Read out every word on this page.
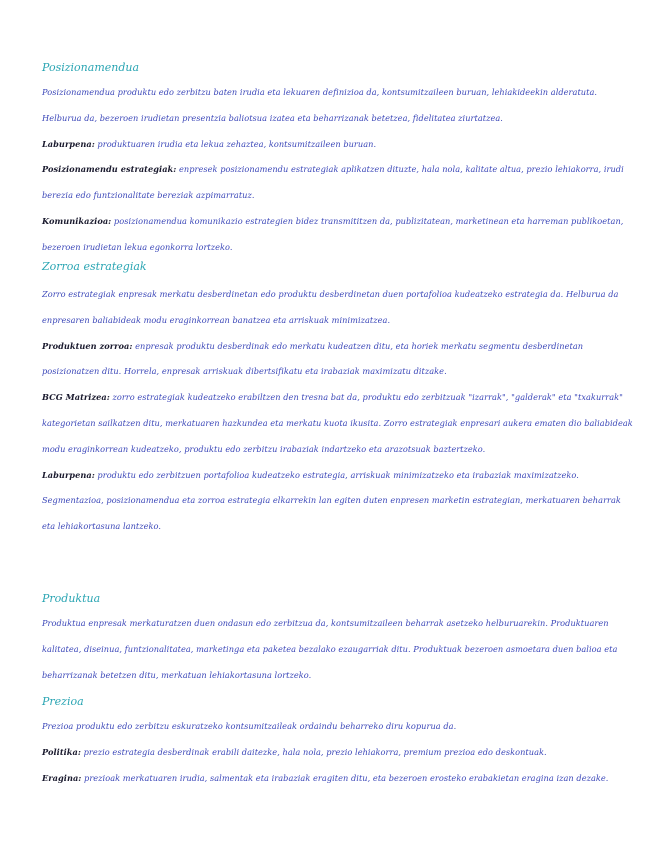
Posizionamendua
Posizionamendua produktu edo zerbitzu baten irudia eta lekuaren definizioa da, kontsumitzaileen buruan, lehiakideekin alderatuta. Helburua da, bezeroen irudietan presentzia baliotsua izatea eta beharrizanak betetzea, fidelitatea ziurtatzea.
Laburpena: produktuaren irudia eta lekua zehaztea, kontsumitzaileen buruan.
Posizionamendu estrategiak: enpresek posizionamendu estrategiak aplikatzen dituzte, hala nola, kalitate altua, prezio lehiakorra, irudi berezia edo funtzionalitate bereziak azpimarratuz.
Komunikazioa: posizionamendua komunikazio estrategien bidez transmititzen da, publizitatean, marketinean eta harreman publikoetan, bezeroen irudietan lekua egonkorra lortzeko.
Zorroa estrategiak
Zorro estrategiak enpresak merkatu desberdinetan edo produktu desberdinetan duen portafolioa kudeatzeko estrategia da. Helburua da enpresaren baliabideak modu eraginkorrean banatzea eta arriskuak minimizatzea.
Produktuen zorroa: enpresak produktu desberdinak edo merkatu kudeatzen ditu, eta horiek merkatu segmentu desberdinetan posizionatzen ditu. Horrela, enpresak arriskuak dibertsifikatu eta irabaziak maximizatu ditzake.
BCG Matrizea: zorro estrategiak kudeatzeko erabiltzen den tresna bat da, produktu edo zerbitzuak "izarrak", "galderak" eta "txakurrak" kategorietan sailkatzen ditu, merkatuaren hazkundea eta merkatu kuota ikusita. Zorro estrategiak enpresari aukera ematen dio baliabideak modu eraginkorrean kudeatzeko, produktu edo zerbitzu irabaziak indartzeko eta arazotsuak baztertzeko.
Laburpena: produktu edo zerbitzuen portafolioa kudeatzeko estrategia, arriskuak minimizatzeko eta irabaziak maximizatzeko.
Segmentazioa, posizionamendua eta zorroa estrategia elkarrekin lan egiten duten enpresen marketin estrategian, merkatuaren beharrak eta lehiakortasuna lantzeko.
Produktua
Produktua enpresak merkaturatzen duen ondasun edo zerbitzua da, kontsumitzaileen beharrak asetzeko helburuarekin. Produktuaren kalitatea, diseinua, funtzionalitatea, marketinga eta paketea bezalako ezaugarriak ditu. Produktuak bezeroen asmoetara duen balioa eta beharrizanak betetzen ditu, merkatuan lehiakortasuna lortzeko.
Prezioa
Prezioa produktu edo zerbitzu eskuratzeko kontsumitzaileak ordaindu beharreko diru kopurua da.
Politika: prezio estrategia desberdinak erabili daitezke, hala nola, prezio lehiakorra, premium prezioa edo deskontuak.
Eragina: prezioak merkatuaren irudia, salmentak eta irabaziak eragiten ditu, eta bezeroen erosteko erabakietan eragina izan dezake.
